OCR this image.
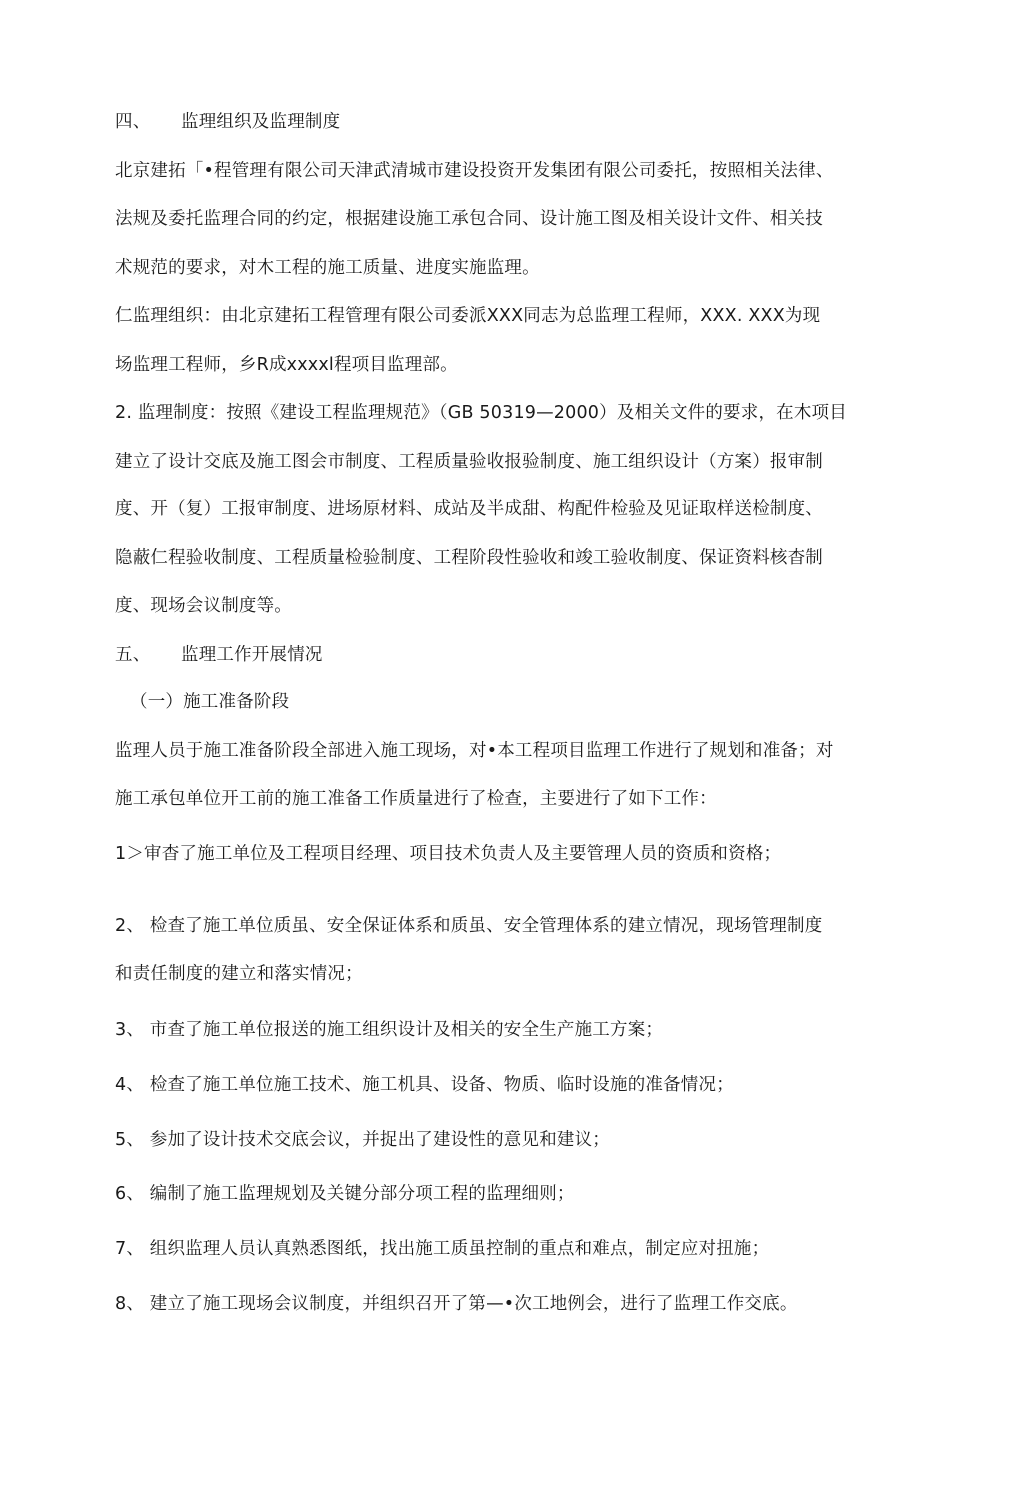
四、 监理组织及监理制度

北京建拓「•程管理有限公司天津武清城市建设投资开发集团有限公司委托，按照相关法律、

法规及委托监理合同的约定，根据建设施工承包合同、设计施工图及相关设计文件、相关技

术规范的要求，对木工程的施工质量、进度实施监理。

仁监理组织：由北京建拓工程管理有限公司委派XXX同志为总监理工程师，XXX. XXX为现

场监理工程师，乡R成xxxxl程项目监理部。

2. 监理制度：按照《建设工程监理规范》（GB 50319—2000）及相关文件的要求，在木项目

建立了设计交底及施工图会市制度、工程质量验收报验制度、施工组织设计（方案）报审制

度、开（复）工报审制度、进场原材料、成站及半成甜、构配件检验及见证取样送检制度、

隐蔽仁程验收制度、工程质量检验制度、工程阶段性验收和竣工验收制度、保证资料核杳制

度、现场会议制度等。

五、 监理工作开展情况

（一）施工准备阶段

监理人员于施工准备阶段全部进入施工现场，对•本工程项目监理工作进行了规划和准备；对

施工承包单位开工前的施工准备工作质量进行了检查，主要进行了如下工作：

1＞审杳了施工单位及工程项目经理、项目技术负责人及主要管理人员的资质和资格；

2、 检查了施工单位质虽、安全保证体系和质虽、安全管理体系的建立情况，现场管理制度

和责任制度的建立和落实情况；

3、 市查了施工单位报送的施工组织设计及相关的安全生产施工方案；

4、 检查了施工单位施工技术、施工机具、设备、物质、临时设施的准备情况；

5、 参加了设计技术交底会议，并捉出了建设性的意见和建议；

6、 编制了施工监理规划及关键分部分项工程的监理细则；

7、 组织监理人员认真熟悉图纸，找出施工质虽控制的重点和难点，制定应对扭施；

8、 建立了施工现场会议制度，并组织召开了第—•次工地例会，进行了监理工作交底。
